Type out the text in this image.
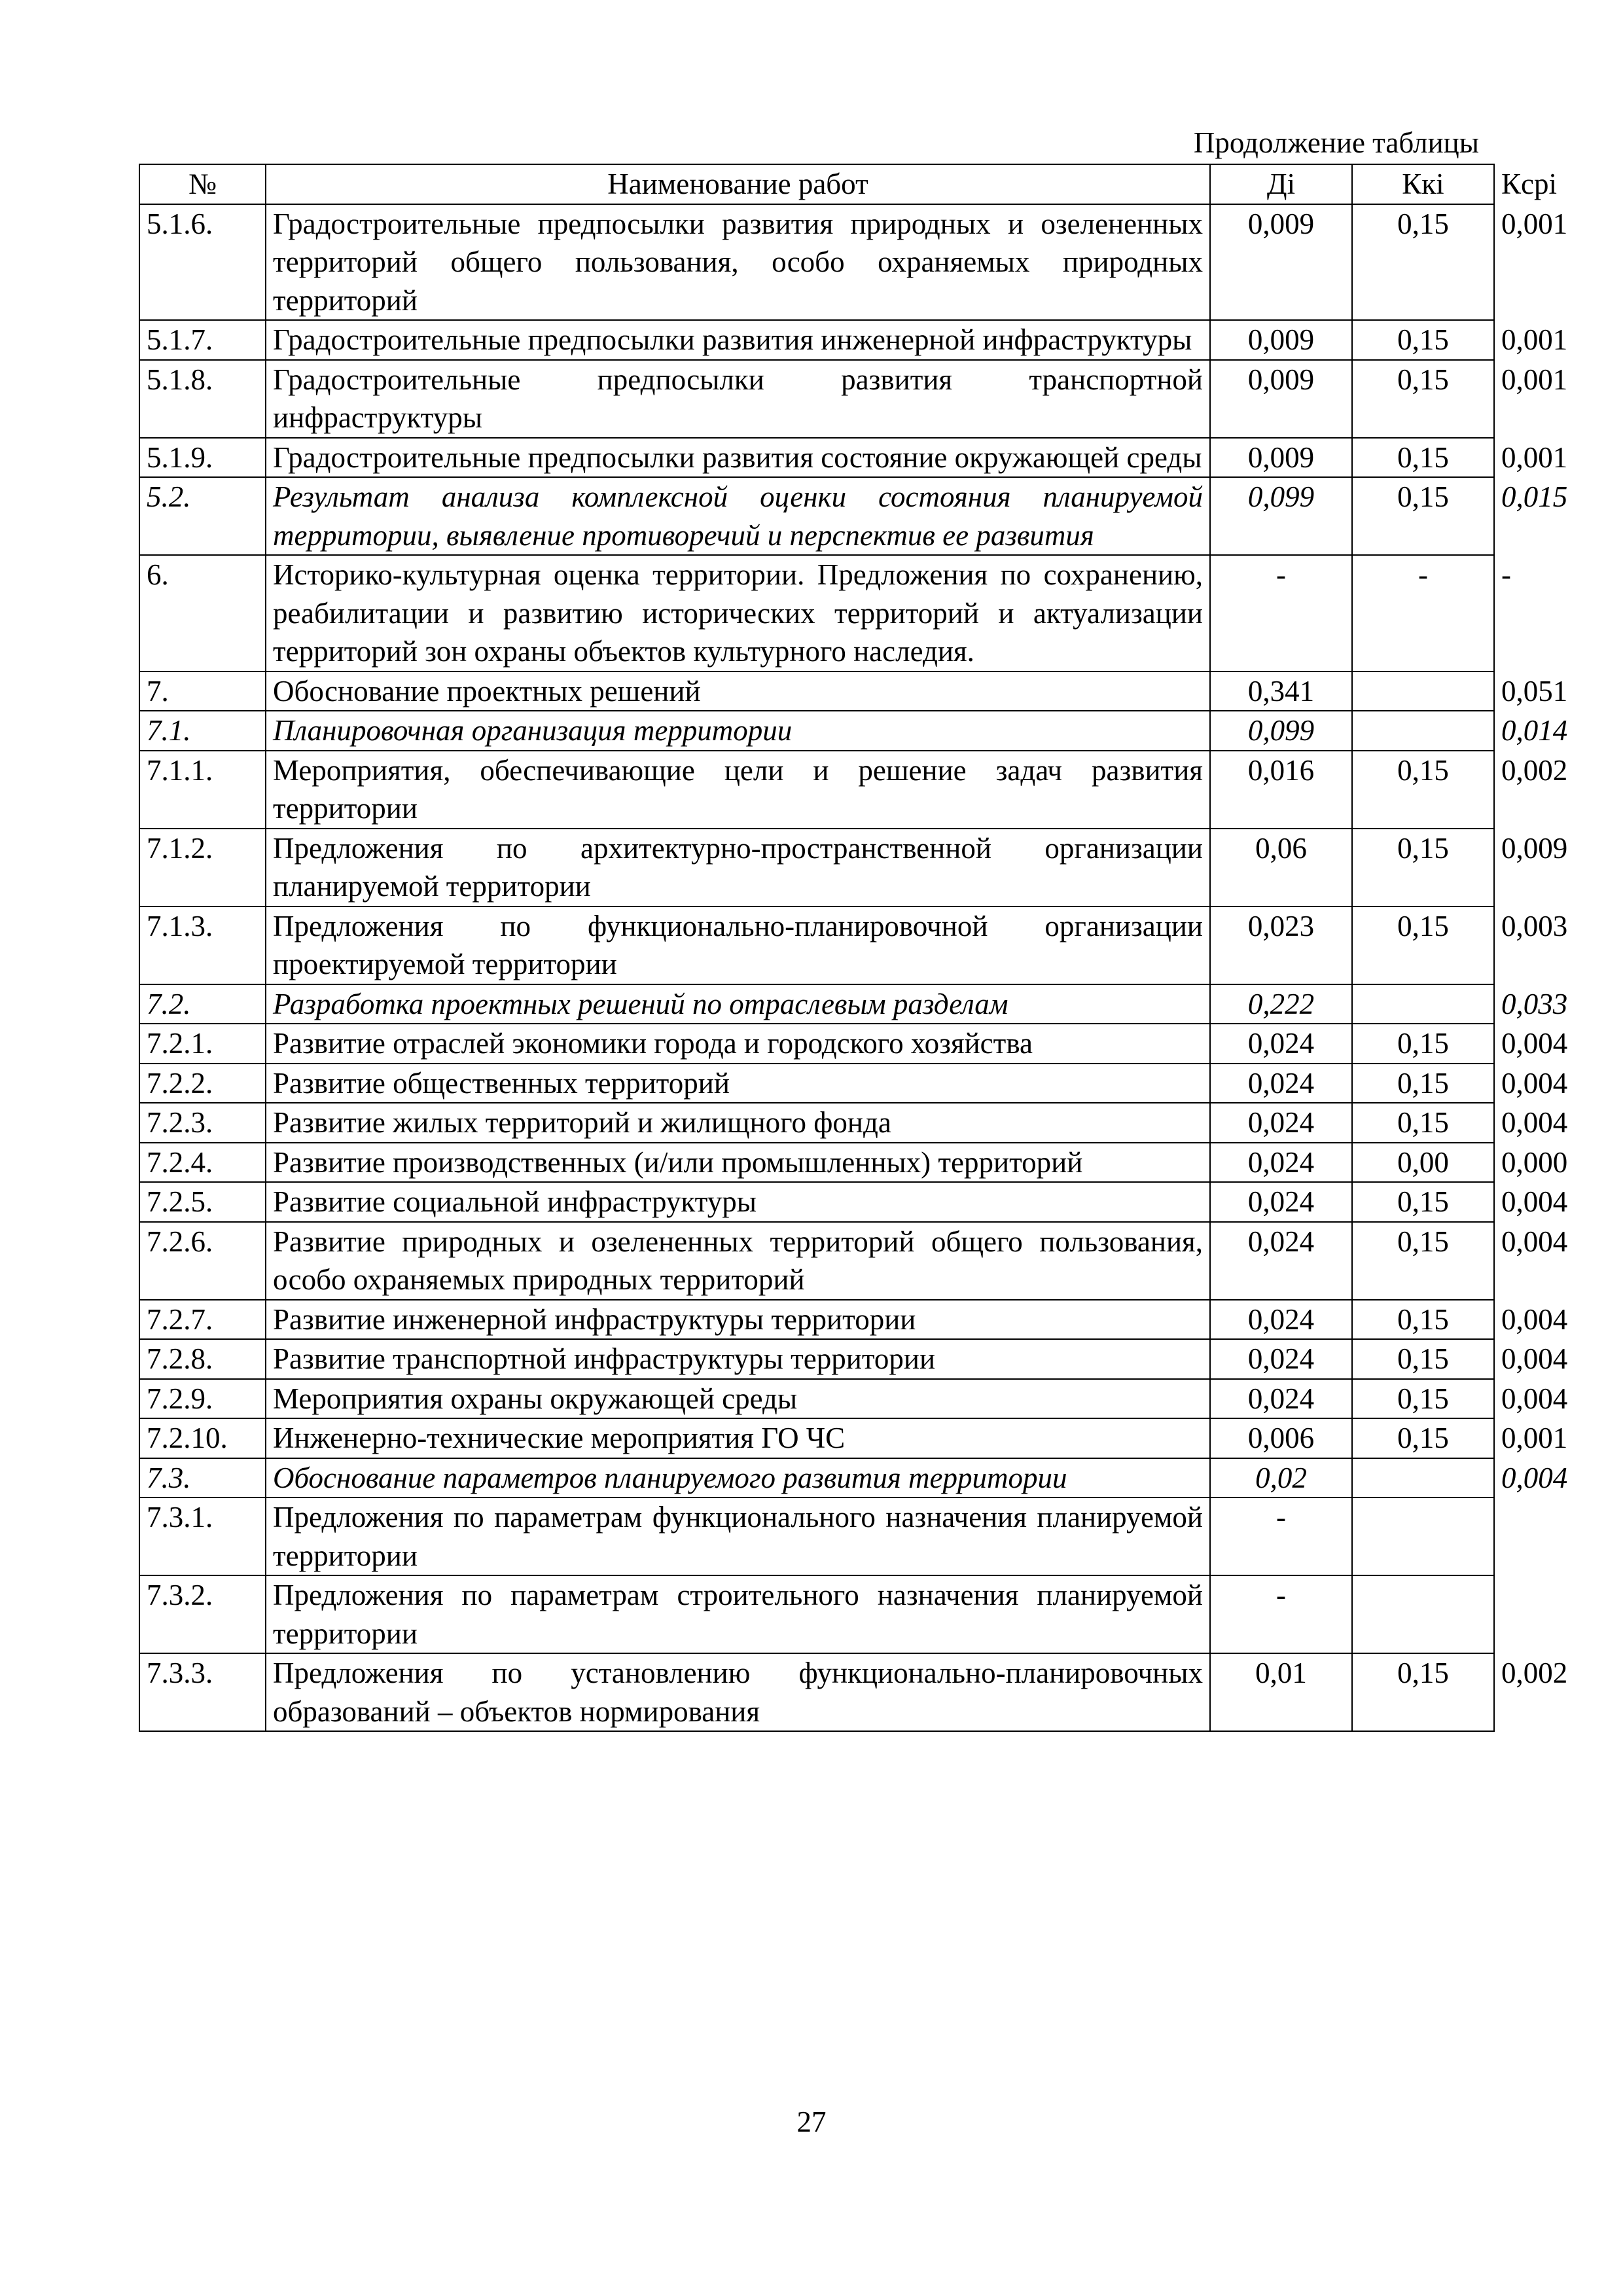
Продолжение таблицы
№	Наименование работ	Дi	Ккi	Кcрi
5.1.6.	Градостроительные предпосылки развития природных и озелененных территорий общего пользования, особо охраняемых природных территорий	0,009	0,15	0,001
5.1.7.	Градостроительные предпосылки развития инженерной инфраструктуры	0,009	0,15	0,001
5.1.8.	Градостроительные предпосылки развития транспортной инфраструктуры	0,009	0,15	0,001
5.1.9.	Градостроительные предпосылки развития состояние окружающей среды	0,009	0,15	0,001
5.2.	Результат анализа комплексной оценки состояния планируемой территории, выявление противоречий и перспектив ее развития	0,099	0,15	0,015
6.	Историко-культурная оценка территории. Предложения по сохранению, реабилитации и развитию исторических территорий и актуализации территорий зон охраны объектов культурного наследия.	-	-	-
7.	Обоснование проектных решений	0,341		0,051
7.1.	Планировочная организация территории	0,099		0,014
7.1.1.	Мероприятия, обеспечивающие цели и решение задач развития территории	0,016	0,15	0,002
7.1.2.	Предложения по архитектурно-пространственной организации планируемой территории	0,06	0,15	0,009
7.1.3.	Предложения по функционально-планировочной организации проектируемой территории	0,023	0,15	0,003
7.2.	Разработка проектных решений по отраслевым разделам	0,222		0,033
7.2.1.	Развитие отраслей экономики города и городского хозяйства	0,024	0,15	0,004
7.2.2.	Развитие общественных территорий	0,024	0,15	0,004
7.2.3.	Развитие жилых территорий и жилищного фонда	0,024	0,15	0,004
7.2.4.	Развитие производственных (и/или промышленных) территорий	0,024	0,00	0,000
7.2.5.	Развитие социальной инфраструктуры	0,024	0,15	0,004
7.2.6.	Развитие природных и озелененных территорий общего пользования, особо охраняемых природных территорий	0,024	0,15	0,004
7.2.7.	Развитие инженерной инфраструктуры территории	0,024	0,15	0,004
7.2.8.	Развитие транспортной инфраструктуры территории	0,024	0,15	0,004
7.2.9.	Мероприятия охраны окружающей среды	0,024	0,15	0,004
7.2.10.	Инженерно-технические мероприятия ГО ЧС	0,006	0,15	0,001
7.3.	Обоснование параметров планируемого развития территории	0,02		0,004
7.3.1.	Предложения по параметрам функционального назначения планируемой территории	-		
7.3.2.	Предложения по параметрам строительного назначения планируемой территории	-		
7.3.3.	Предложения по установлению функционально-планировочных образований – объектов нормирования	0,01	0,15	0,002
27
